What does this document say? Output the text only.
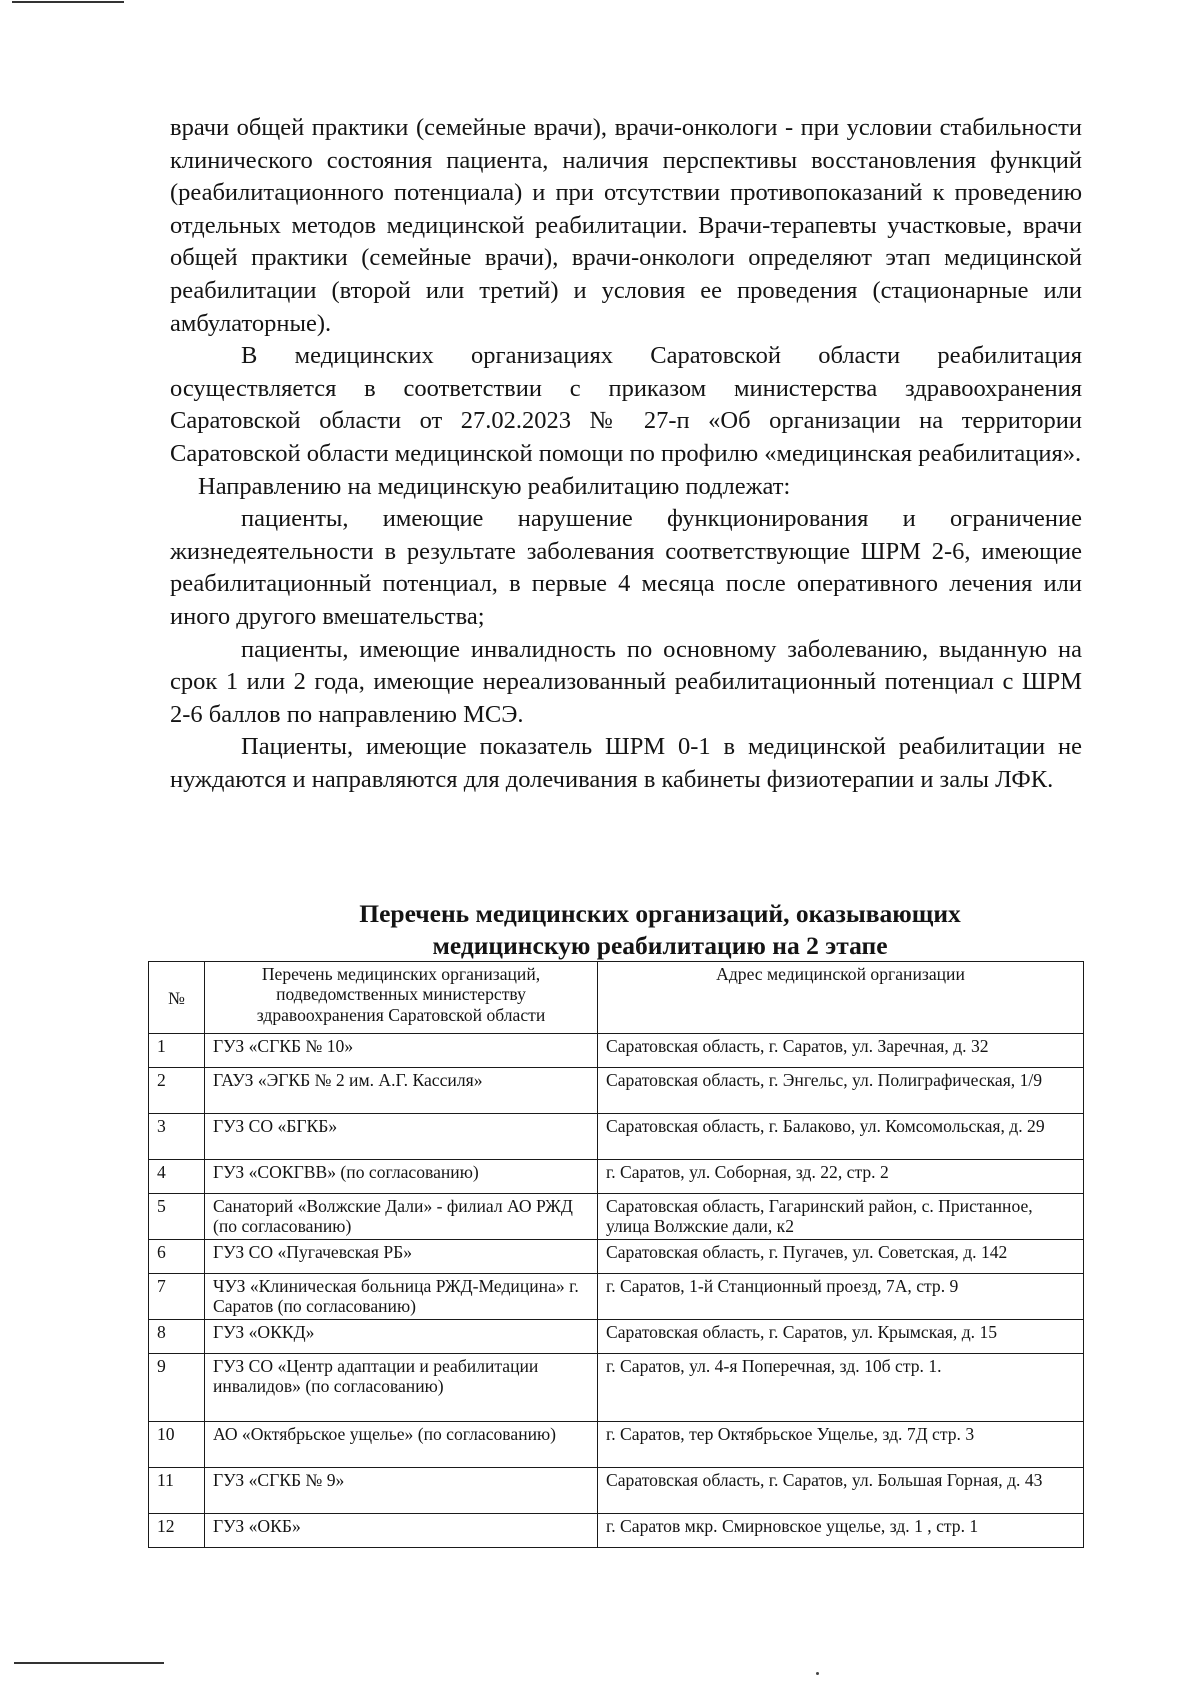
врачи общей практики (семейные врачи), врачи-онкологи - при условии стабильности клинического состояния пациента, наличия перспективы восстановления функций (реабилитационного потенциала) и при отсутствии противопоказаний к проведению отдельных методов медицинской реабилитации. Врачи-терапевты участковые, врачи общей практики (семейные врачи), врачи-онкологи определяют этап медицинской реабилитации (второй или третий) и условия ее проведения (стационарные или амбулаторные).

В медицинских организациях Саратовской области реабилитация осуществляется в соответствии с приказом министерства здравоохранения Саратовской области от 27.02.2023 № 27-п «Об организации на территории Саратовской области медицинской помощи по профилю «медицинская реабилитация».

Направлению на медицинскую реабилитацию подлежат:

пациенты, имеющие нарушение функционирования и ограничение жизнедеятельности в результате заболевания соответствующие ШРМ 2-6, имеющие реабилитационный потенциал, в первые 4 месяца после оперативного лечения или иного другого вмешательства;

пациенты, имеющие инвалидность по основному заболеванию, выданную на срок 1 или 2 года, имеющие нереализованный реабилитационный потенциал с ШРМ 2-6 баллов по направлению МСЭ.

Пациенты, имеющие показатель ШРМ 0-1 в медицинской реабилитации не нуждаются и направляются для долечивания в кабинеты физиотерапии и залы ЛФК.

Перечень медицинских организаций, оказывающих медицинскую реабилитацию на 2 этапе
№	Перечень медицинских организаций, подведомственных министерству здравоохранения Саратовской области	Адрес медицинской организации
1	ГУЗ «СГКБ № 10»	Саратовская область, г. Саратов, ул. Заречная, д. 32
2	ГАУЗ «ЭГКБ № 2 им. А.Г. Кассиля»	Саратовская область, г. Энгельс, ул. Полиграфическая, 1/9
3	ГУЗ СО «БГКБ»	Саратовская область, г. Балаково, ул. Комсомольская, д. 29
4	ГУЗ «СОКГВВ» (по согласованию)	г. Саратов, ул. Соборная, зд. 22, стр. 2
5	Санаторий «Волжские Дали» - филиал АО РЖД (по согласованию)	Саратовская область, Гагаринский район, с. Пристанное, улица Волжские дали, к2
6	ГУЗ СО «Пугачевская РБ»	Саратовская область, г. Пугачев, ул. Советская, д. 142
7	ЧУЗ «Клиническая больница РЖД-Медицина» г. Саратов (по согласованию)	г. Саратов, 1-й Станционный проезд, 7А, стр. 9
8	ГУЗ «ОККД»	Саратовская область, г. Саратов, ул. Крымская, д. 15
9	ГУЗ СО «Центр адаптации и реабилитации инвалидов» (по согласованию)	г. Саратов, ул. 4-я Поперечная, зд. 10б стр. 1.
10	АО «Октябрьское ущелье» (по согласованию)	г. Саратов, тер Октябрьское Ущелье, зд. 7Д стр. 3
11	ГУЗ «СГКБ № 9»	Саратовская область, г. Саратов, ул. Большая Горная, д. 43
12	ГУЗ «ОКБ»	г. Саратов мкр. Смирновское ущелье, зд. 1 , стр. 1
